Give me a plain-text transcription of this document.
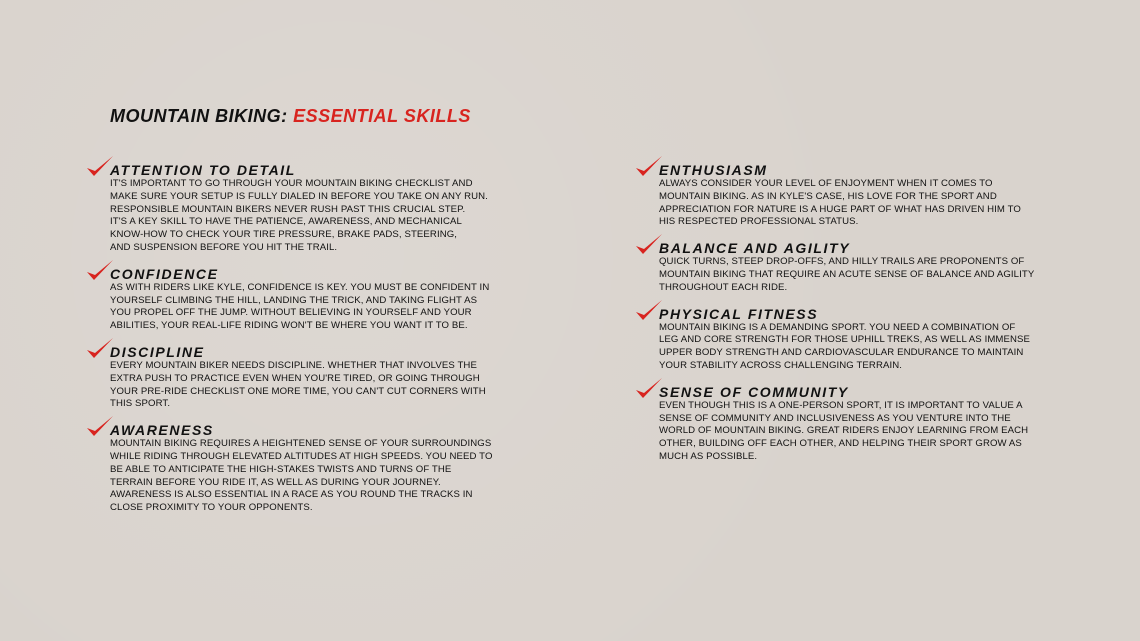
MOUNTAIN BIKING: ESSENTIAL SKILLS

ATTENTION TO DETAIL

IT'S IMPORTANT TO GO THROUGH YOUR MOUNTAIN BIKING CHECKLIST AND
MAKE SURE YOUR SETUP IS FULLY DIALED IN BEFORE YOU TAKE ON ANY RUN.
RESPONSIBLE MOUNTAIN BIKERS NEVER RUSH PAST THIS CRUCIAL STEP.
IT'S A KEY SKILL TO HAVE THE PATIENCE, AWARENESS, AND MECHANICAL
KNOW-HOW TO CHECK YOUR TIRE PRESSURE, BRAKE PADS, STEERING,
AND SUSPENSION BEFORE YOU HIT THE TRAIL.

CONFIDENCE

AS WITH RIDERS LIKE KYLE, CONFIDENCE IS KEY. YOU MUST BE CONFIDENT IN
YOURSELF CLIMBING THE HILL, LANDING THE TRICK, AND TAKING FLIGHT AS
YOU PROPEL OFF THE JUMP. WITHOUT BELIEVING IN YOURSELF AND YOUR
ABILITIES, YOUR REAL-LIFE RIDING WON'T BE WHERE YOU WANT IT TO BE.

DISCIPLINE

EVERY MOUNTAIN BIKER NEEDS DISCIPLINE. WHETHER THAT INVOLVES THE
EXTRA PUSH TO PRACTICE EVEN WHEN YOU'RE TIRED, OR GOING THROUGH
YOUR PRE-RIDE CHECKLIST ONE MORE TIME, YOU CAN'T CUT CORNERS WITH
THIS SPORT.

AWARENESS

MOUNTAIN BIKING REQUIRES A HEIGHTENED SENSE OF YOUR SURROUNDINGS
WHILE RIDING THROUGH ELEVATED ALTITUDES AT HIGH SPEEDS. YOU NEED TO
BE ABLE TO ANTICIPATE THE HIGH-STAKES TWISTS AND TURNS OF THE
TERRAIN BEFORE YOU RIDE IT, AS WELL AS DURING YOUR JOURNEY.
AWARENESS IS ALSO ESSENTIAL IN A RACE AS YOU ROUND THE TRACKS IN
CLOSE PROXIMITY TO YOUR OPPONENTS.

ENTHUSIASM

ALWAYS CONSIDER YOUR LEVEL OF ENJOYMENT WHEN IT COMES TO
MOUNTAIN BIKING. AS IN KYLE'S CASE, HIS LOVE FOR THE SPORT AND
APPRECIATION FOR NATURE IS A HUGE PART OF WHAT HAS DRIVEN HIM TO
HIS RESPECTED PROFESSIONAL STATUS.

BALANCE AND AGILITY

QUICK TURNS, STEEP DROP-OFFS, AND HILLY TRAILS ARE PROPONENTS OF
MOUNTAIN BIKING THAT REQUIRE AN ACUTE SENSE OF BALANCE AND AGILITY
THROUGHOUT EACH RIDE.

PHYSICAL FITNESS

MOUNTAIN BIKING IS A DEMANDING SPORT. YOU NEED A COMBINATION OF
LEG AND CORE STRENGTH FOR THOSE UPHILL TREKS, AS WELL AS IMMENSE
UPPER BODY STRENGTH AND CARDIOVASCULAR ENDURANCE TO MAINTAIN
YOUR STABILITY ACROSS CHALLENGING TERRAIN.

SENSE OF COMMUNITY

EVEN THOUGH THIS IS A ONE-PERSON SPORT, IT IS IMPORTANT TO VALUE A
SENSE OF COMMUNITY AND INCLUSIVENESS AS YOU VENTURE INTO THE
WORLD OF MOUNTAIN BIKING. GREAT RIDERS ENJOY LEARNING FROM EACH
OTHER, BUILDING OFF EACH OTHER, AND HELPING THEIR SPORT GROW AS
MUCH AS POSSIBLE.
